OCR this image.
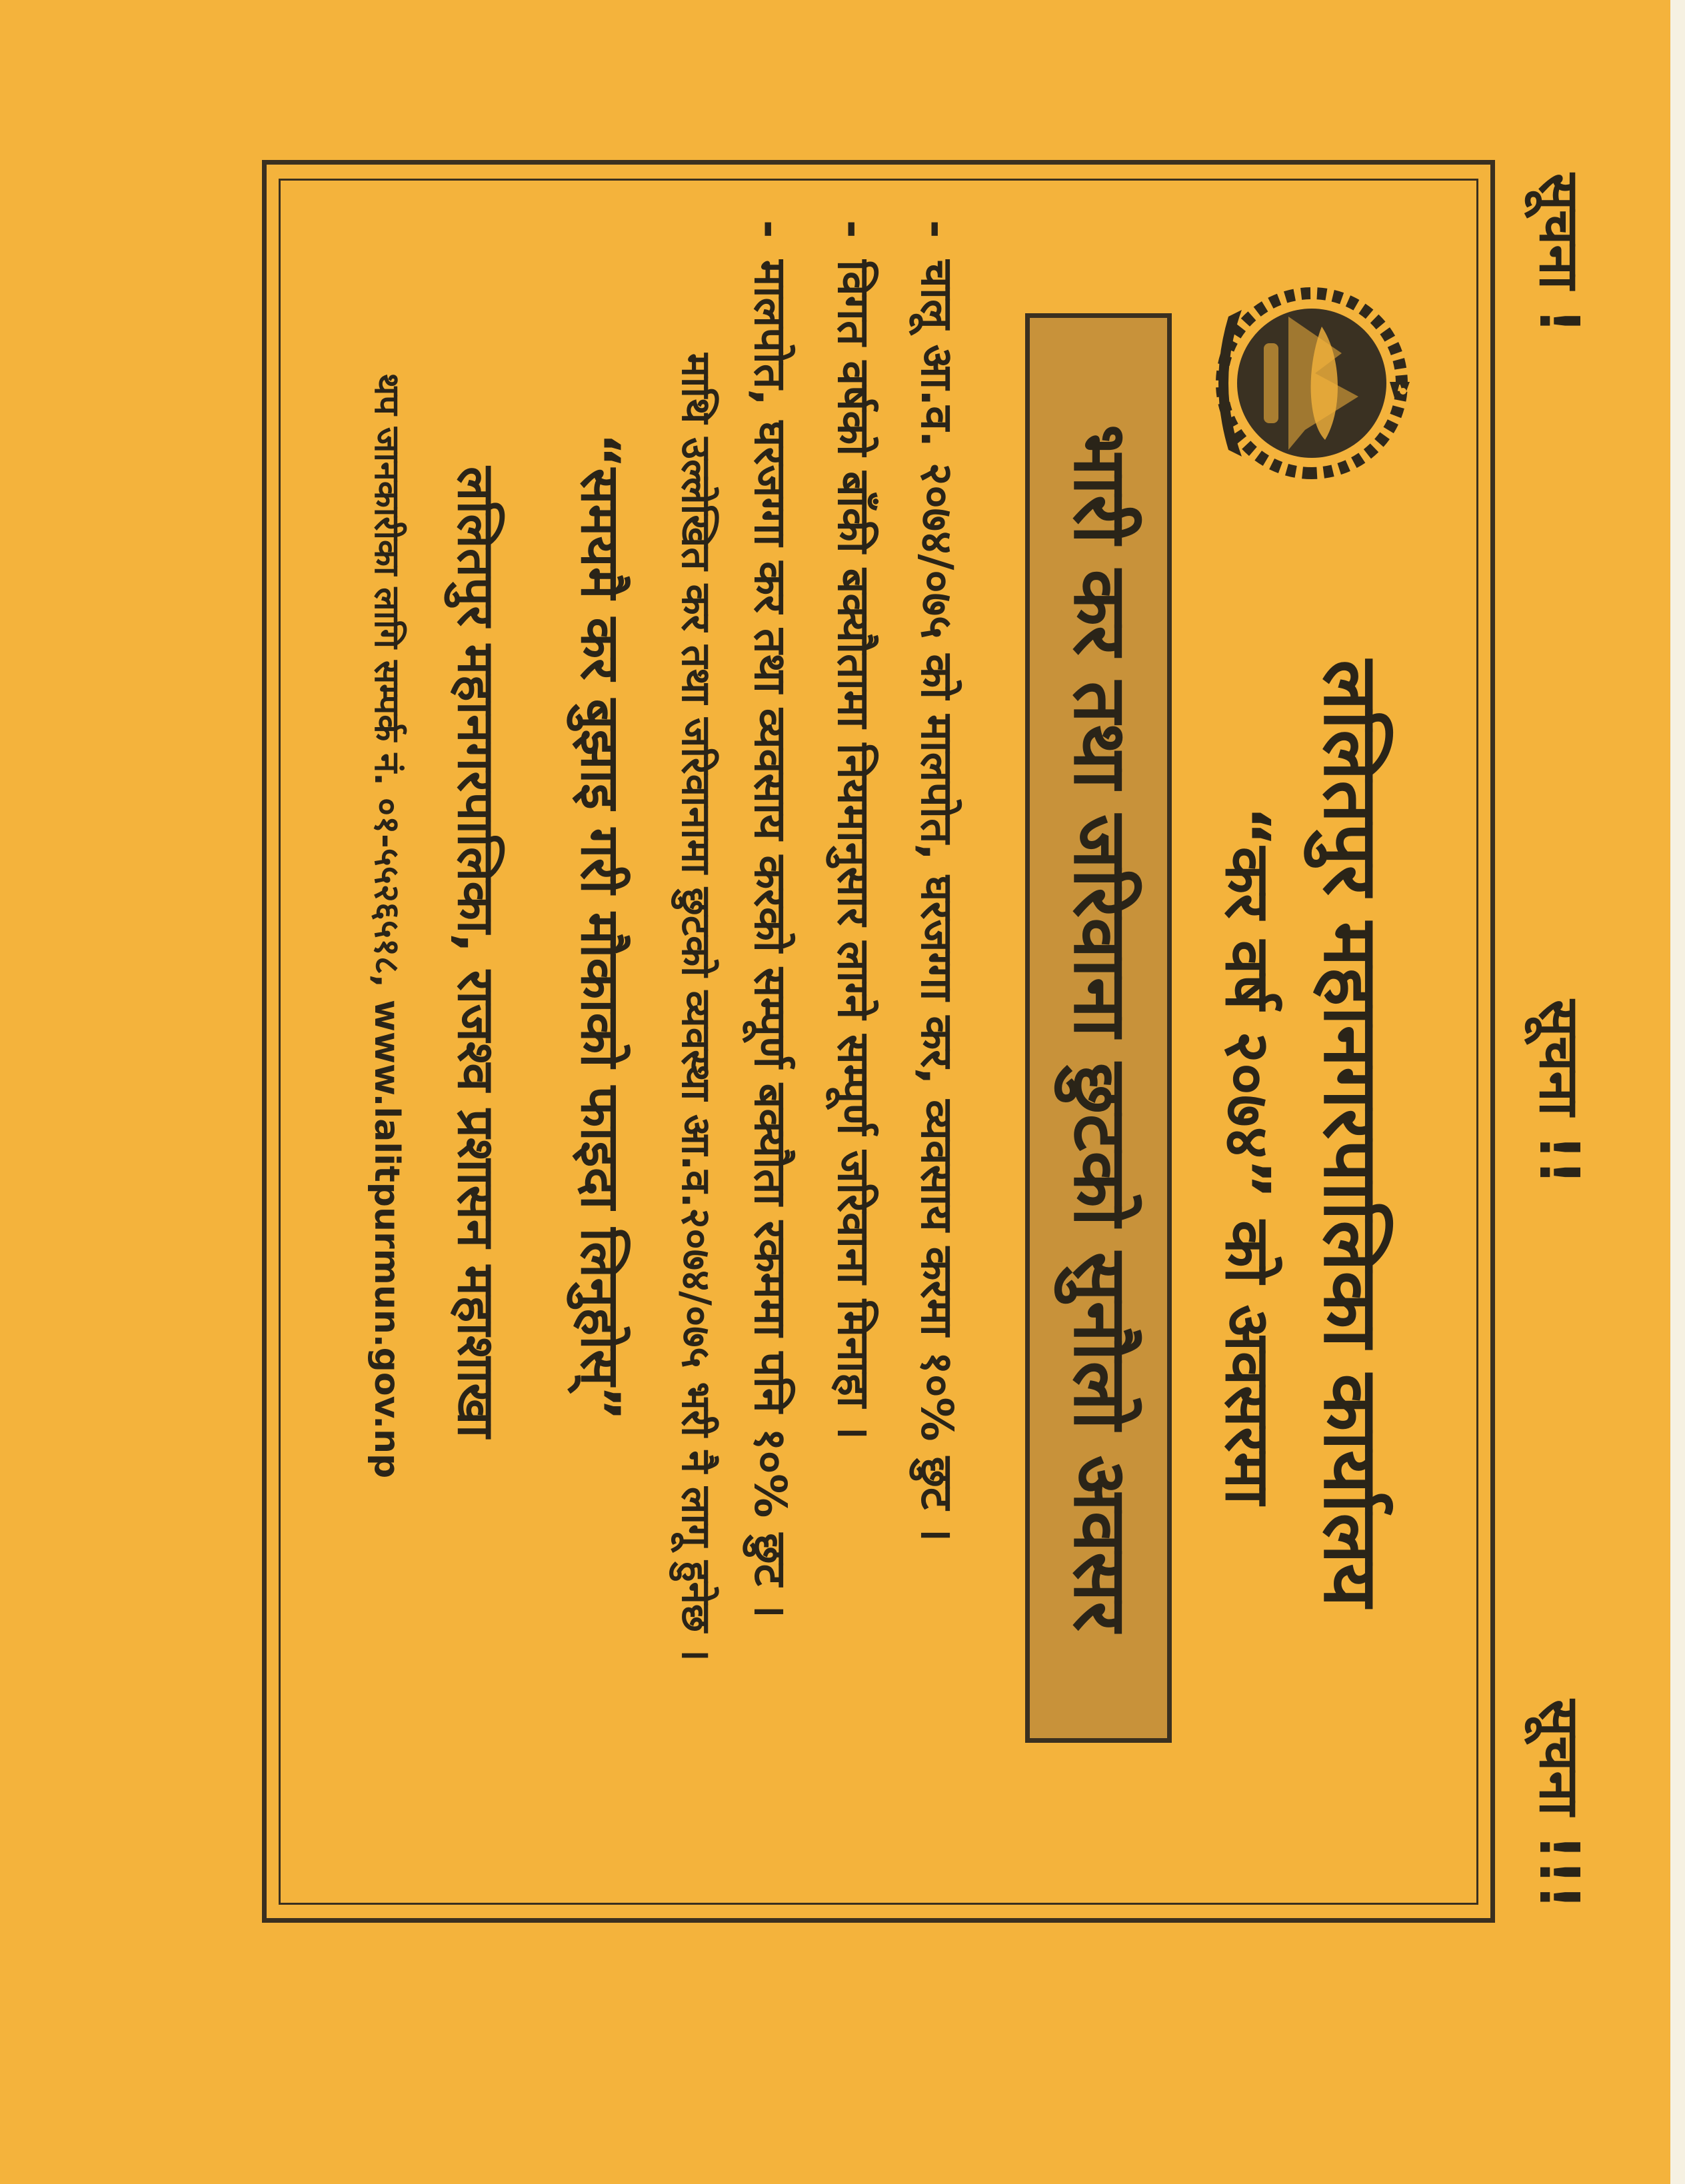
सूचना !
सूचना !!
सूचना !!!
ललितपुर महानगरपालिका कार्यालय
“कर वर्ष २०७४” को अवसरमा
भारी कर तथा जरिवाना छुटको सुनौलो अवसर
-चालू आ.व. २०७४/०७५ को मालपोत, घरजग्गा कर, व्यवसाय करमा १०% छुट ।
-विगत वर्षको बाँकी बक्यौतामा नियमानुसार लाग्ने सम्पूर्ण जरिवाना मिनाहा ।
-मालपोत, घरजग्गा कर तथा व्यवसाय करको सम्पूर्ण बक्यौता रकममा पनि १०% छुट ।
माथि उल्लेखित कर तथा जरिवानामा छुटको व्यवस्था आ.व.२०७४/०७५ भरी नै लागू हुनेछ ।
“समयमै कर बुझाइ गरी मौकाको फाइदा लिनुहोस्”
ललितपुर महानगरपालिका, राजश्व प्रशासन महाशाखा
थप जानकारीका लागि सम्पर्क नं. ०१-५५२६५१८, www.lalitpurmun.gov.np
